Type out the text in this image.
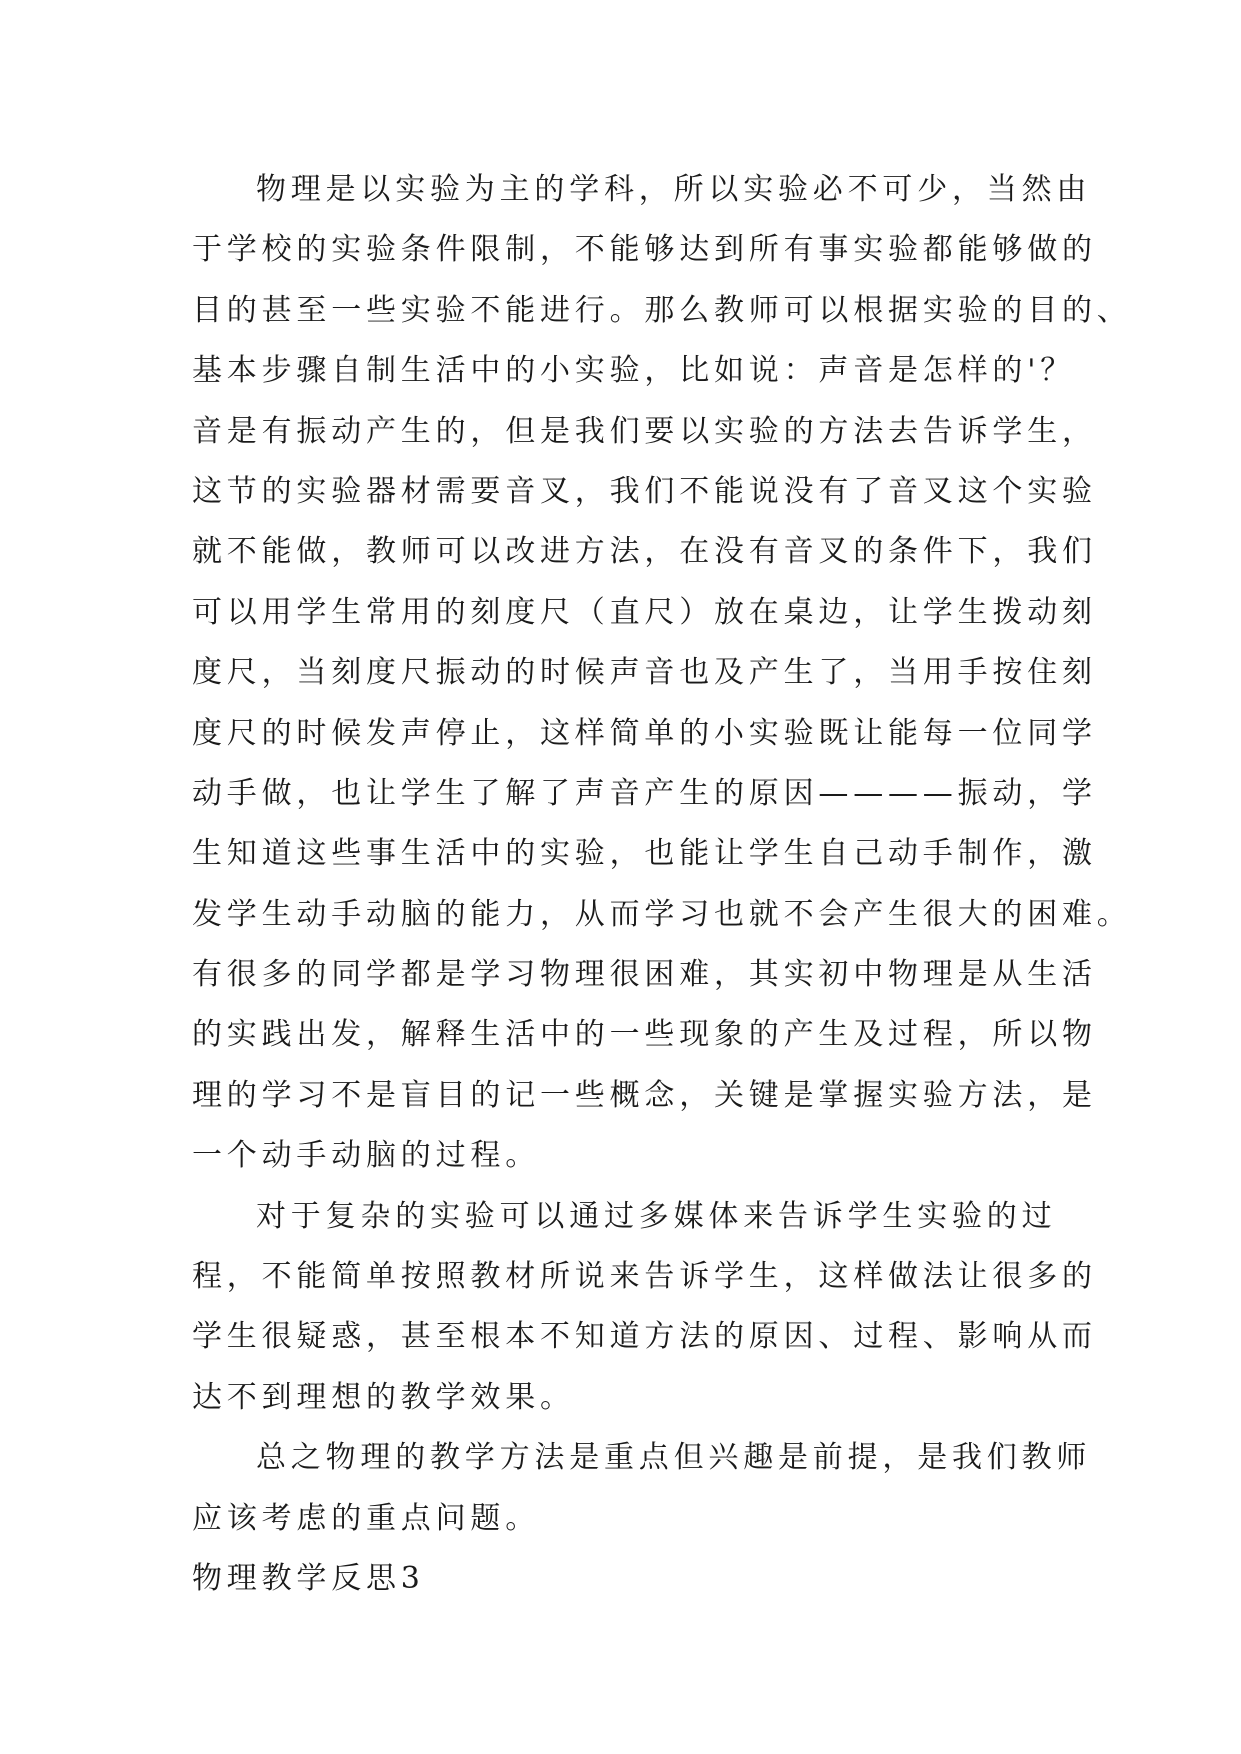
物理是以实验为主的学科，所以实验必不可少，当然由
于学校的实验条件限制，不能够达到所有事实验都能够做的
目的甚至一些实验不能进行。那么教师可以根据实验的目的、
基本步骤自制生活中的小实验，比如说：声音是怎样的'？
音是有振动产生的，但是我们要以实验的方法去告诉学生，
这节的实验器材需要音叉，我们不能说没有了音叉这个实验
就不能做，教师可以改进方法，在没有音叉的条件下，我们
可以用学生常用的刻度尺（直尺）放在桌边，让学生拨动刻
度尺，当刻度尺振动的时候声音也及产生了，当用手按住刻
度尺的时候发声停止，这样简单的小实验既让能每一位同学
动手做，也让学生了解了声音产生的原因————振动，学
生知道这些事生活中的实验，也能让学生自己动手制作，激
发学生动手动脑的能力，从而学习也就不会产生很大的困难。
有很多的同学都是学习物理很困难，其实初中物理是从生活
的实践出发，解释生活中的一些现象的产生及过程，所以物
理的学习不是盲目的记一些概念，关键是掌握实验方法，是
一个动手动脑的过程。
对于复杂的实验可以通过多媒体来告诉学生实验的过
程，不能简单按照教材所说来告诉学生，这样做法让很多的
学生很疑惑，甚至根本不知道方法的原因、过程、影响从而
达不到理想的教学效果。
总之物理的教学方法是重点但兴趣是前提，是我们教师
应该考虑的重点问题。
物理教学反思3
